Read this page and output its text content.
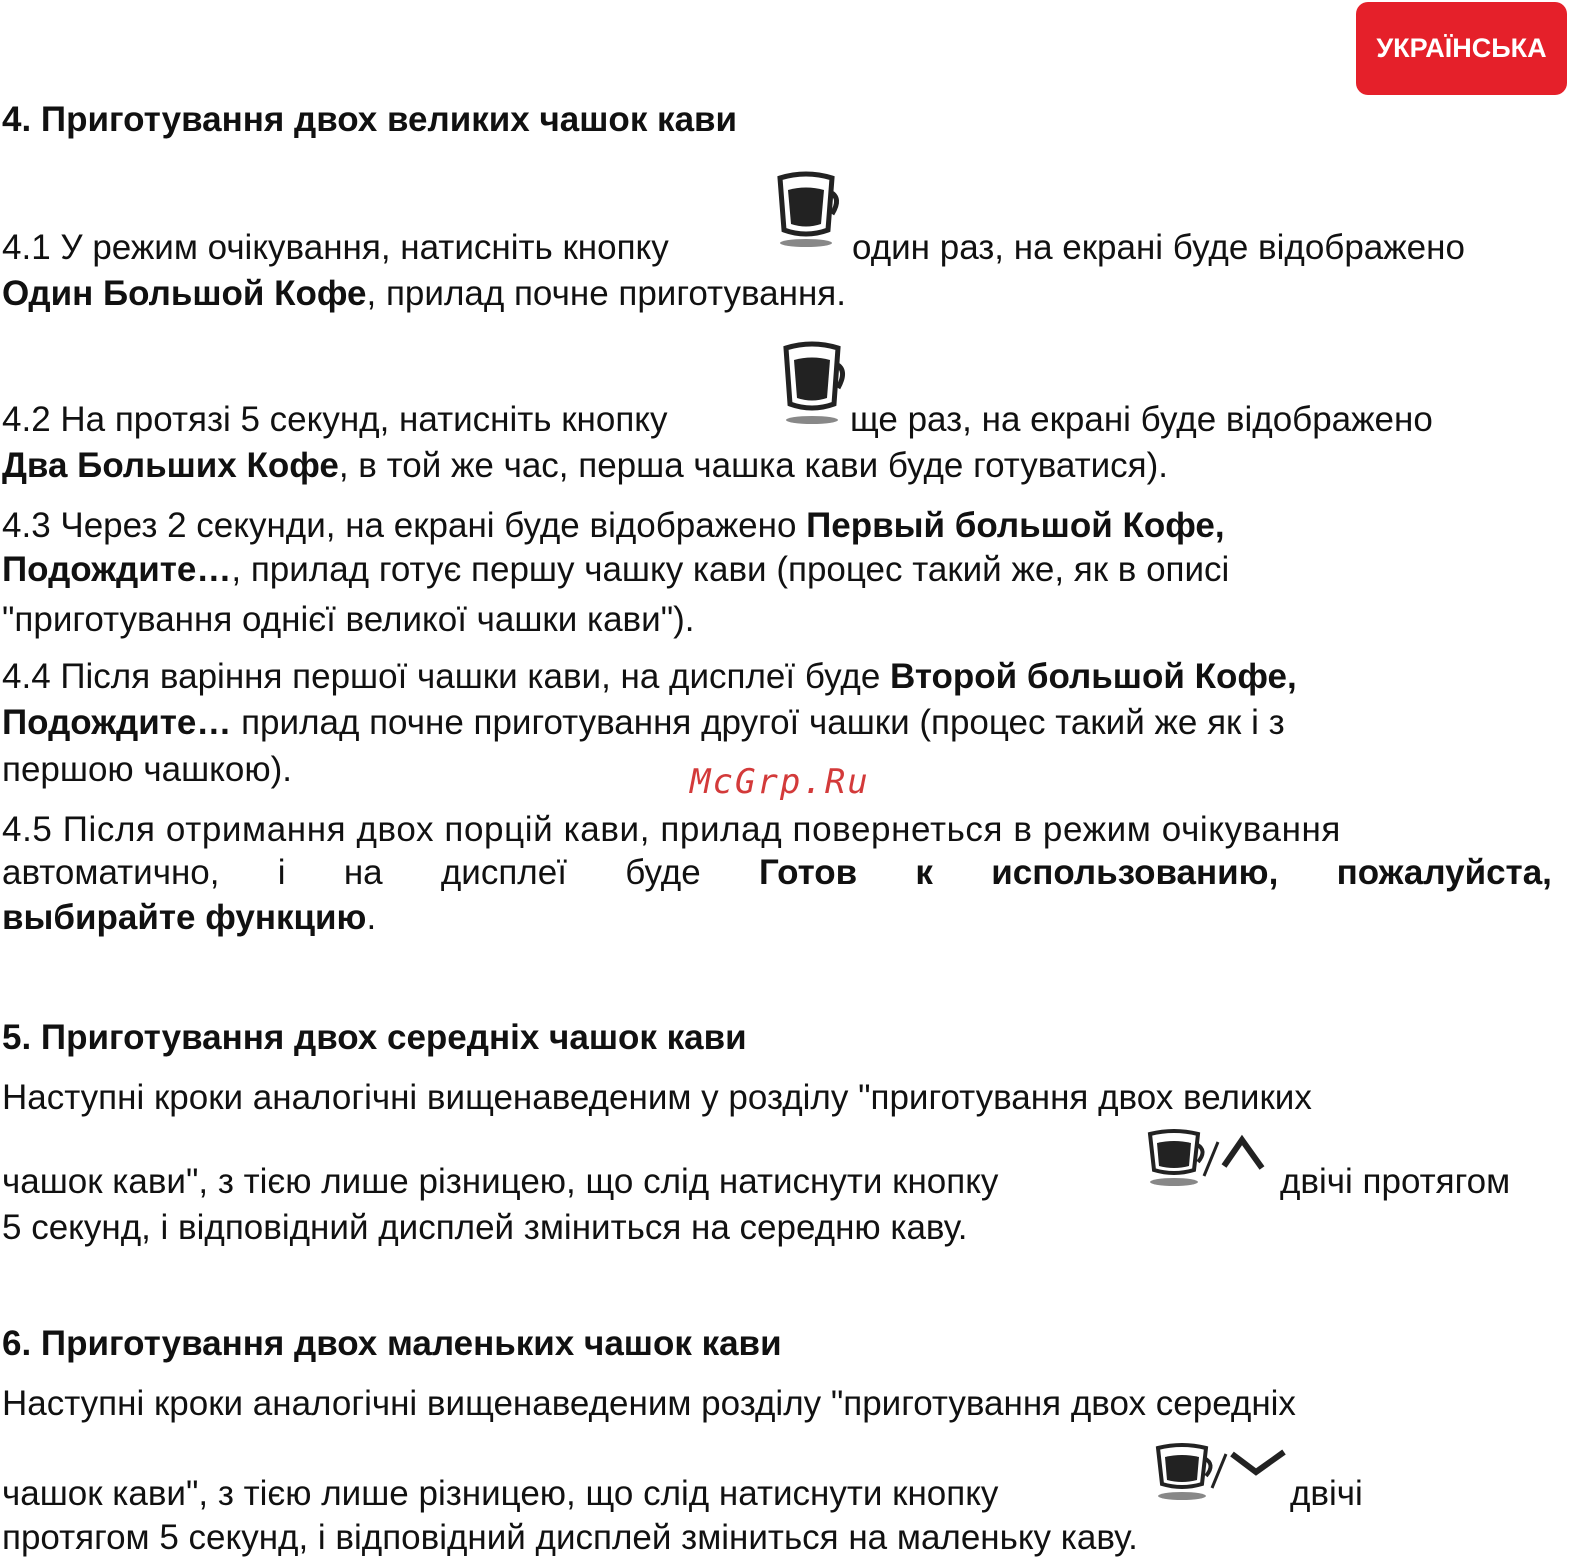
УКРАЇНСЬКА
4. Приготування двох великих чашок кави
4.1 У режим очікування, натисніть кнопку	один раз, на екрані буде відображено
Один Большой Кофе, прилад почне приготування.
4.2 На протязі 5 секунд, натисніть кнопку	ще раз, на екрані буде відображено
Два Больших Кофе, в той же час, перша чашка кави буде готуватися).
4.3 Через 2 секунди, на екрані буде відображено Первый большой Кофе,
Подождите…, прилад готує першу чашку кави (процес такий же, як в описі
"приготування однієї великої чашки кави").
4.4 Після варіння першої чашки кави, на дисплеї буде Второй большой Кофе,
Подождите… прилад почне приготування другої чашки (процес такий же як і з
першою чашкою).	McGrp.Ru
4.5 Після отримання двох порцій кави, прилад повернеться в режим очікування
автоматично, і на дисплеї буде Готов к использованию, пожалуйста,
выбирайте функцию.
5. Приготування двох середніх чашок кави
Наступні кроки аналогічні вищенаведеним у розділу "приготування двох великих
чашок кави", з тією лише різницею, що слід натиснути кнопку	двічі протягом
5 секунд, і відповідний дисплей зміниться на середню каву.
6. Приготування двох маленьких чашок кави
Наступні кроки аналогічні вищенаведеним розділу "приготування двох середніх
чашок кави", з тією лише різницею, що слід натиснути кнопку	двічі
протягом 5 секунд, і відповідний дисплей зміниться на маленьку каву.
